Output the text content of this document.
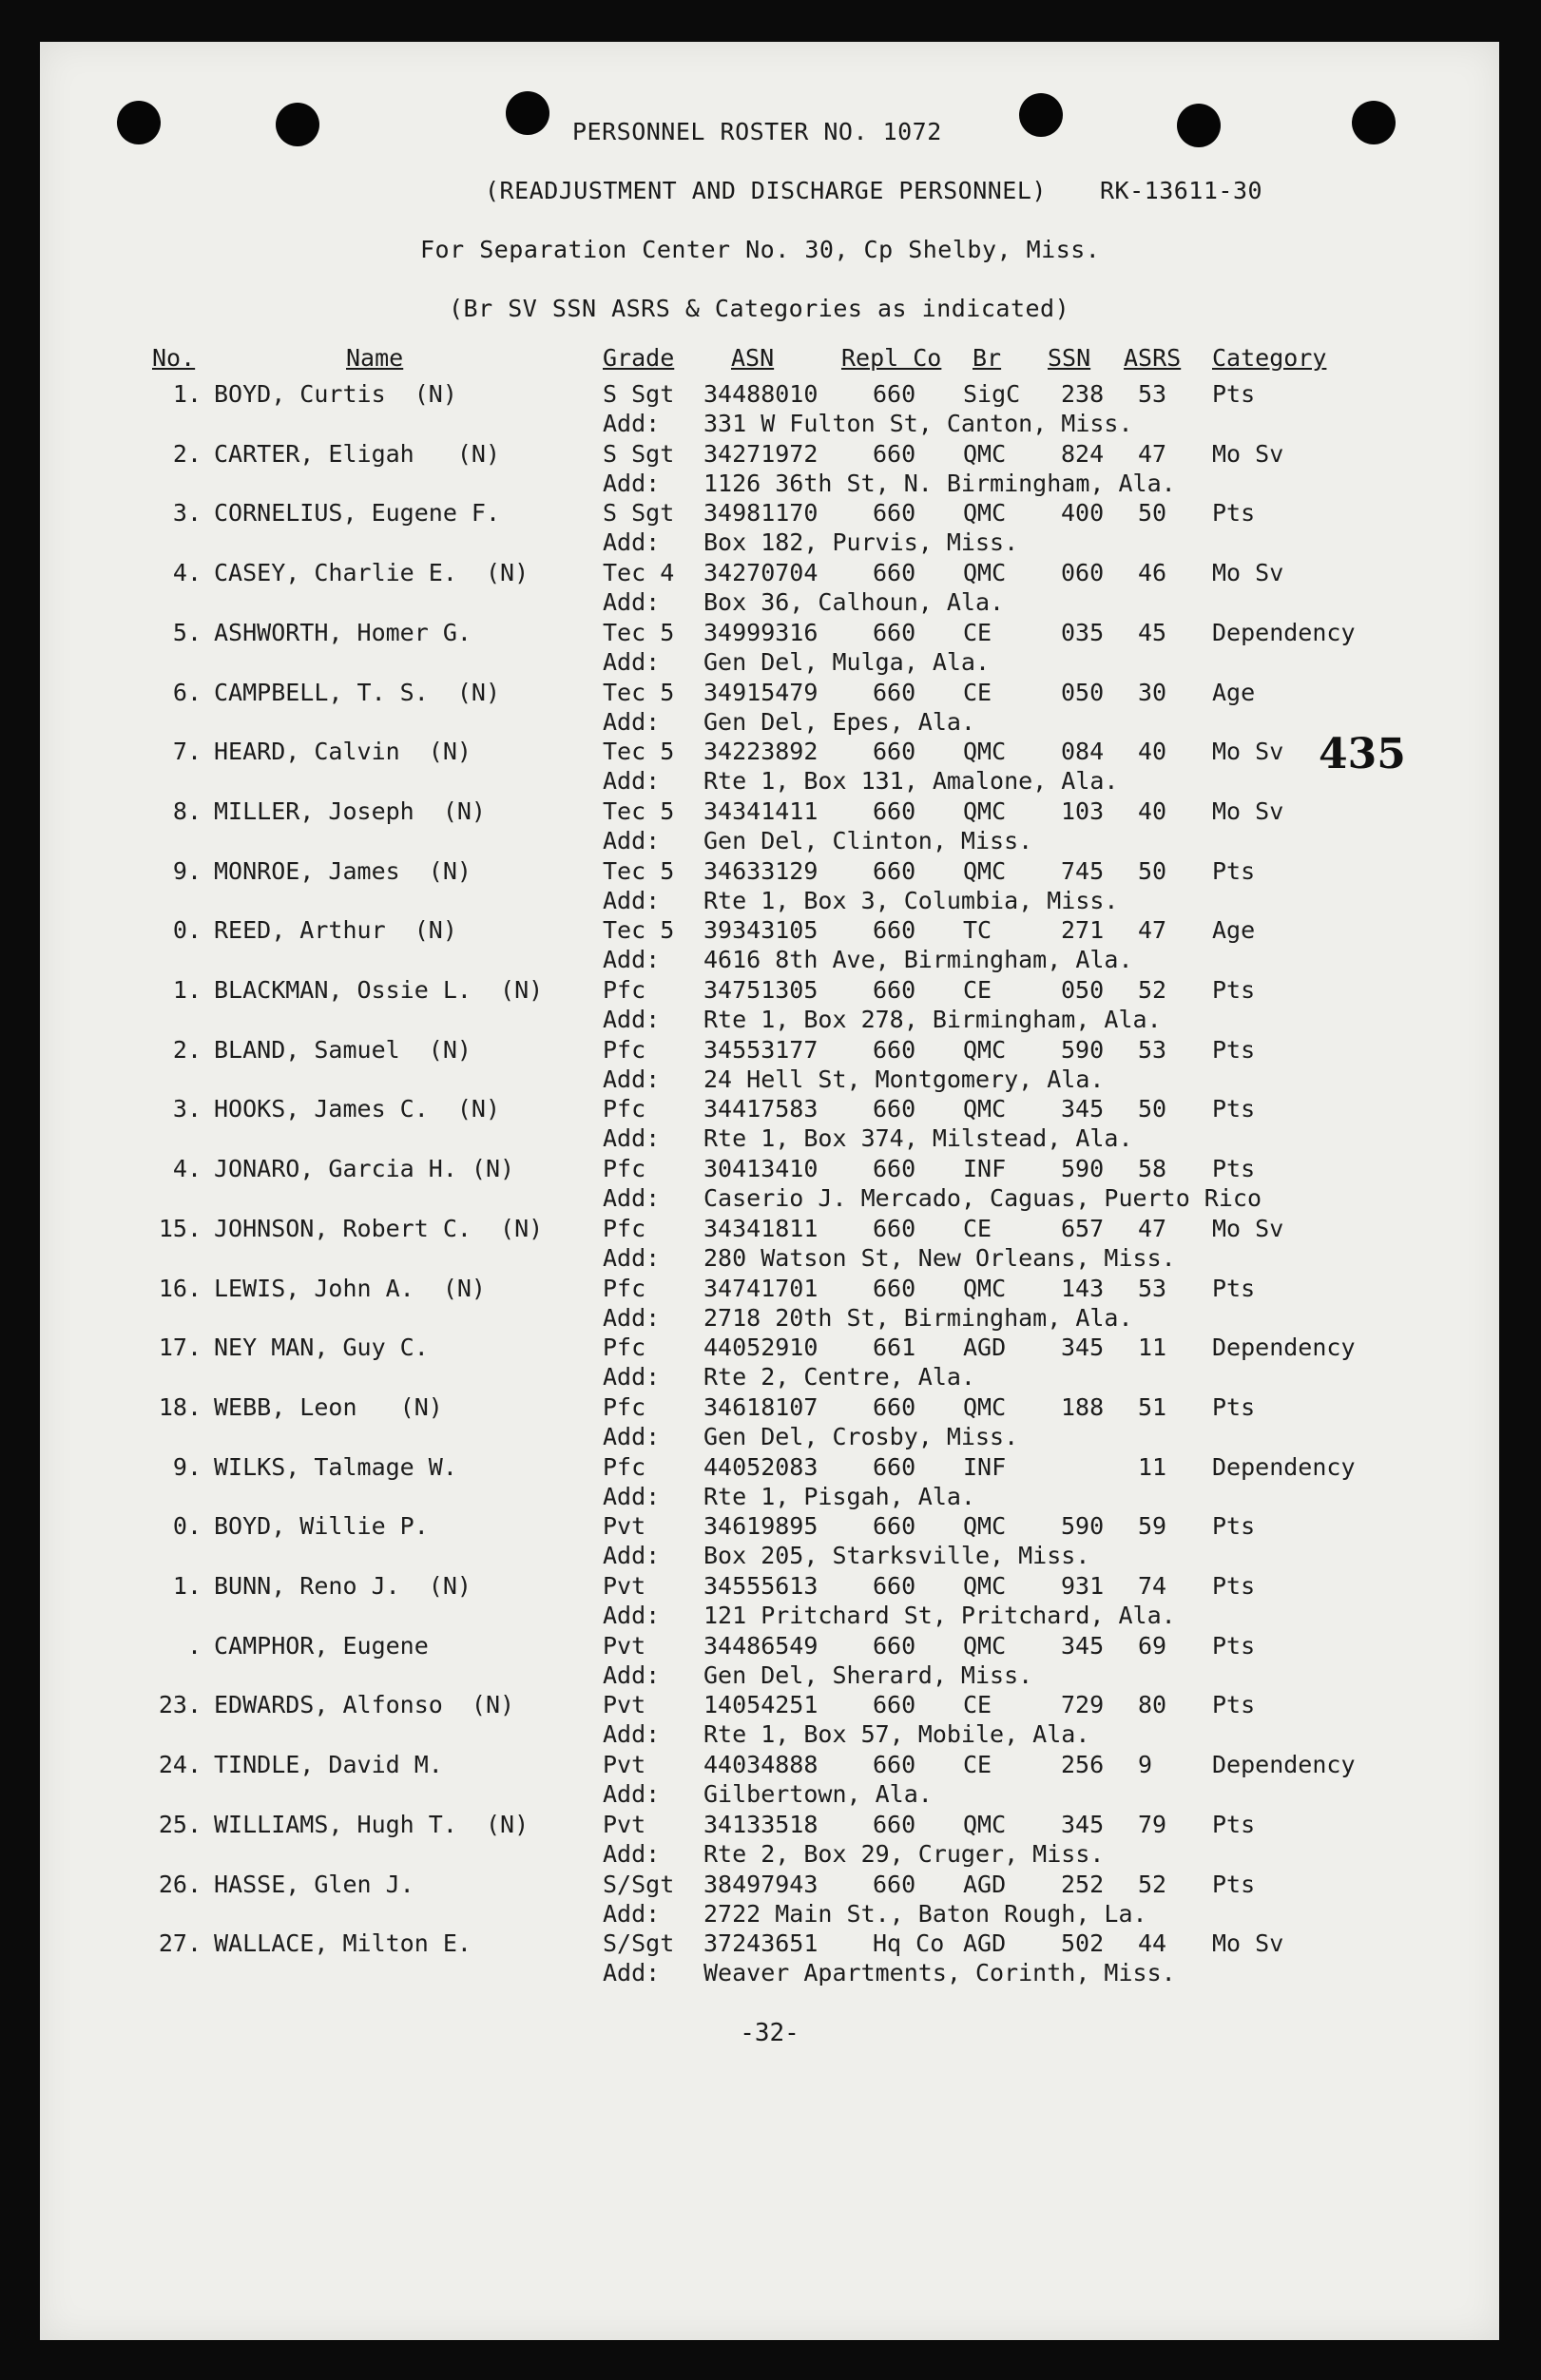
PERSONNEL ROSTER NO. 1072
(READJUSTMENT AND DISCHARGE PERSONNEL) RK-13611-30
For Separation Center No. 30, Cp Shelby, Miss.
(Br SV SSN ASRS & Categories as indicated)
No.	Name	Grade ASN	Repl Co Br SSN ASRS Category
435
1. BOYD, Curtis  (N)	S Sgt 34488010 660 SigC 238 53 Pts
Add: 331 W Fulton St, Canton, Miss.
2. CARTER, Eligah   (N)	S Sgt 34271972 660 QMC 824 47 Mo Sv
Add: 1126 36th St, N. Birmingham, Ala.
3. CORNELIUS, Eugene F.	S Sgt 34981170 660 QMC 400 50 Pts
Add: Box 182, Purvis, Miss.
4. CASEY, Charlie E.  (N)	Tec 4 34270704 660 QMC 060 46 Mo Sv
Add: Box 36, Calhoun, Ala.
5. ASHWORTH, Homer G.	Tec 5 34999316 660 CE	035 45 Dependency
Add: Gen Del, Mulga, Ala.
6. CAMPBELL, T. S.  (N)	Tec 5 34915479 660 CE	050 30 Age
Add: Gen Del, Epes, Ala.
7. HEARD, Calvin  (N)	Tec 5 34223892 660 QMC 084 40 Mo Sv
Add: Rte 1, Box 131, Amalone, Ala.
8. MILLER, Joseph  (N)	Tec 5 34341411 660 QMC 103 40 Mo Sv
Add: Gen Del, Clinton, Miss.
9. MONROE, James  (N)	Tec 5 34633129 660 QMC 745 50 Pts
Add: Rte 1, Box 3, Columbia, Miss.
0. REED, Arthur  (N)	Tec 5 39343105 660 TC	271 47 Age
Add: 4616 8th Ave, Birmingham, Ala.
1. BLACKMAN, Ossie L.  (N)	Pfc 34751305 660 CE	050 52 Pts
Add: Rte 1, Box 278, Birmingham, Ala.
2. BLAND, Samuel  (N)	Pfc 34553177 660 QMC 590 53 Pts
Add: 24 Hell St, Montgomery, Ala.
3. HOOKS, James C.  (N)	Pfc 34417583 660 QMC 345 50 Pts
Add: Rte 1, Box 374, Milstead, Ala.
4. JONARO, Garcia H. (N)	Pfc 30413410 660 INF 590 58 Pts
Add: Caserio J. Mercado, Caguas, Puerto Rico
15. JOHNSON, Robert C.  (N)	Pfc 34341811 660 CE	657 47 Mo Sv
Add: 280 Watson St, New Orleans, Miss.
16. LEWIS, John A.  (N)	Pfc 34741701 660 QMC 143 53 Pts
Add: 2718 20th St, Birmingham, Ala.
17. NEY MAN, Guy C.	Pfc 44052910 661 AGD 345 11 Dependency
Add: Rte 2, Centre, Ala.
18. WEBB, Leon   (N)	Pfc 34618107 660 QMC 188 51 Pts
Add: Gen Del, Crosby, Miss.
9. WILKS, Talmage W.	Pfc 44052083 660 INF	11 Dependency
Add: Rte 1, Pisgah, Ala.
0. BOYD, Willie P.	Pvt 34619895 660 QMC 590 59 Pts
Add: Box 205, Starksville, Miss.
1. BUNN, Reno J.  (N)	Pvt 34555613 660 QMC 931 74 Pts
Add: 121 Pritchard St, Pritchard, Ala.
. CAMPHOR, Eugene	Pvt 34486549 660 QMC 345 69 Pts
Add: Gen Del, Sherard, Miss.
23. EDWARDS, Alfonso  (N)	Pvt 14054251 660 CE	729 80 Pts
Add: Rte 1, Box 57, Mobile, Ala.
24. TINDLE, David M.	Pvt 44034888 660 CE	256 9	Dependency
Add: Gilbertown, Ala.
25. WILLIAMS, Hugh T.  (N)	Pvt 34133518 660 QMC 345 79 Pts
Add: Rte 2, Box 29, Cruger, Miss.
26. HASSE, Glen J.	S/Sgt 38497943 660 AGD 252 52 Pts
Add: 2722 Main St., Baton Rough, La.
27. WALLACE, Milton E.	S/Sgt 37243651 Hq Co AGD 502 44 Mo Sv
Add: Weaver Apartments, Corinth, Miss.
-32-
